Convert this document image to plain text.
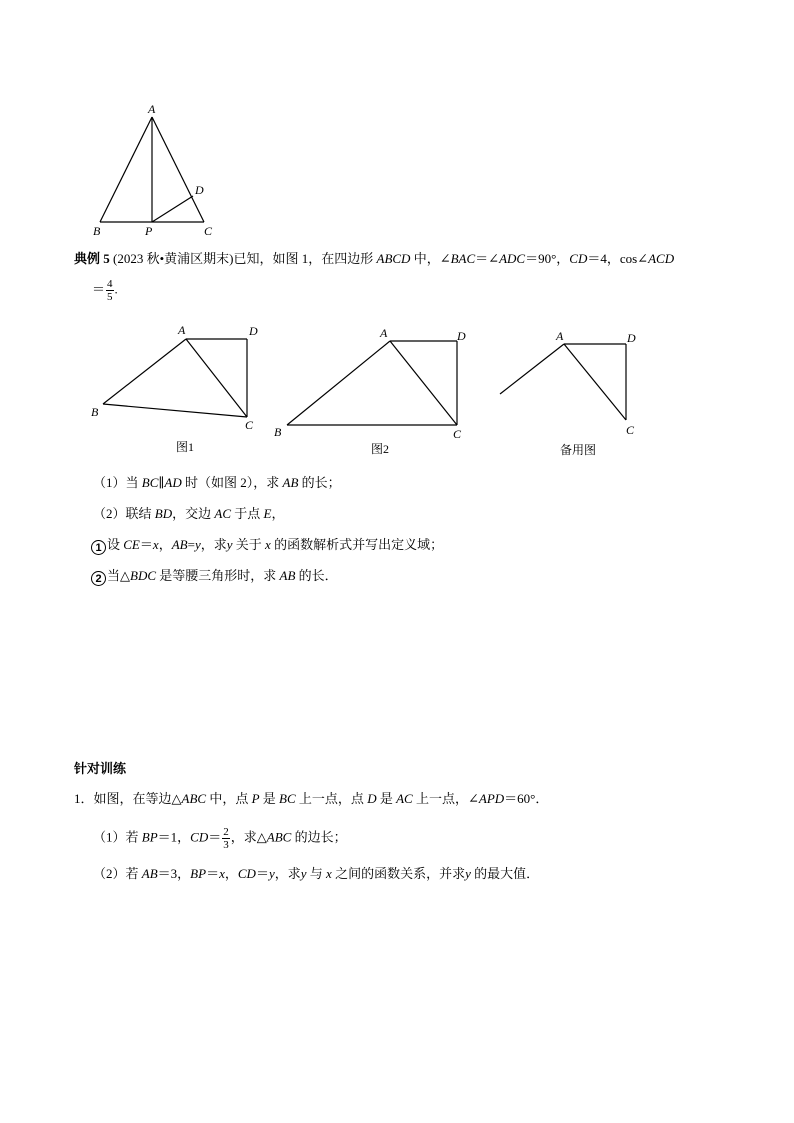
A
D
B	P	C
典例 5 (2023 秋•黄浦区期末)已知，如图 1，在四边形 ABCD 中，∠BAC＝∠ADC＝90°，CD＝4，cos∠ACD
＝ $\frac{4}{5}$ .
A	D
B
C
图1
A	D
B	C
图2
A	D
C
备用图
（1）当 BC∥AD 时（如图 2），求 AB 的长；
（2）联结 BD，交边 AC 于点 E，
1 设 CE＝x，AB=y，求y 关于 x 的函数解析式并写出定义域；
2 当△BDC 是等腰三角形时，求 AB 的长．
针对训练
1．如图，在等边△ABC 中，点 P 是 BC 上一点，点 D 是 AC 上一点，∠APD＝60°．
（1）若 BP＝1，$CD= \frac{2}{3}$ ，求△ABC 的边长；
（2）若 AB＝3，BP＝x，CD＝y，求y 与 x 之间的函数关系，并求y 的最大值．
